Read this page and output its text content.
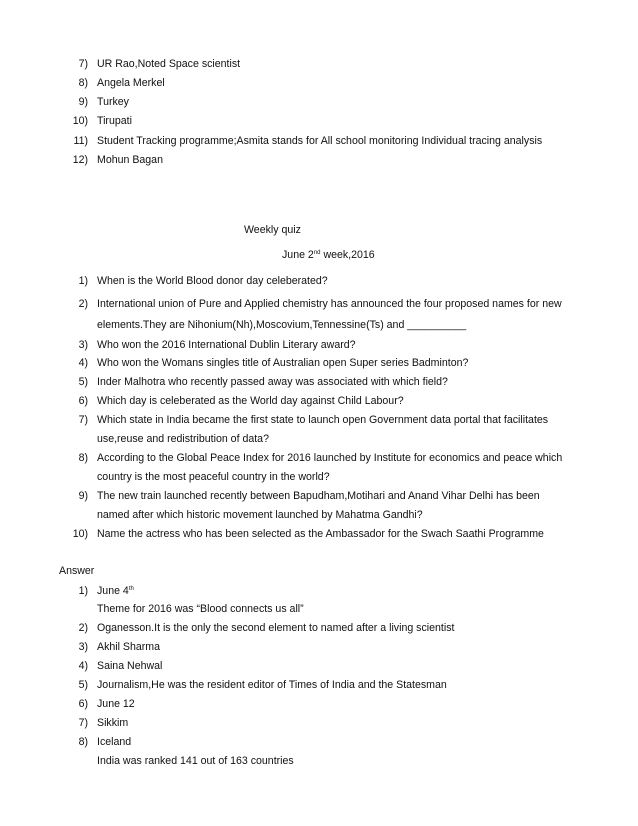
7) UR Rao,Noted Space scientist
8) Angela Merkel
9) Turkey
10) Tirupati
11) Student Tracking programme;Asmita stands for All school monitoring Individual tracing analysis
12) Mohun Bagan
Weekly quiz
June 2nd week,2016
1) When is the World Blood donor day celeberated?
2) International union of Pure and Applied chemistry has announced the four proposed names for new
elements.They are Nihonium(Nh),Moscovium,Tennessine(Ts) and __________
3) Who won the 2016 International Dublin Literary award?
4) Who won the Womans singles title of Australian open Super series Badminton?
5) Inder Malhotra who recently passed away was associated with which field?
6) Which day is celeberated as the World day against Child Labour?
7) Which state in India became the first state to launch open Government data portal that facilitates
use,reuse and redistribution of data?
8) According to the Global Peace Index for 2016 launched by Institute for economics and peace which
country is the most peaceful country in the world?
9) The new train launched recently between Bapudham,Motihari and Anand Vihar Delhi has been
named after which historic movement launched by Mahatma Gandhi?
10) Name the actress who has been selected as the Ambassador for the Swach Saathi Programme
Answer
1) June 4th
Theme for 2016 was “Blood connects us all”
2) Oganesson.It is the only the second element to named after a living scientist
3) Akhil Sharma
4) Saina Nehwal
5) Journalism,He was the resident editor of Times of India and the Statesman
6) June 12
7) Sikkim
8) Iceland
India was ranked 141 out of 163 countries
